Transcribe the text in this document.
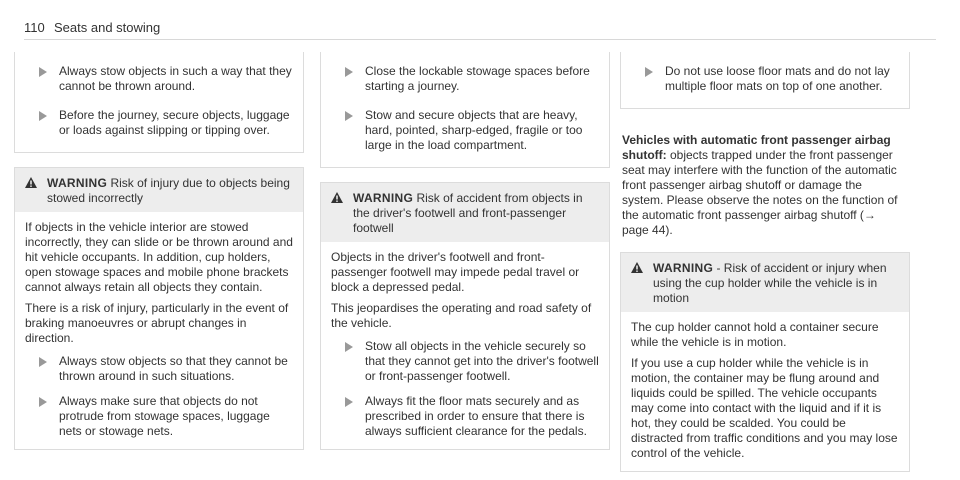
110 Seats and stowing
Always stow objects in such a way that they cannot be thrown around.
Before the journey, secure objects, luggage or loads against slipping or tipping over.
WARNING Risk of injury due to objects being stowed incorrectly

If objects in the vehicle interior are stowed incorrectly, they can slide or be thrown around and hit vehicle occupants. In addition, cup holders, open stowage spaces and mobile phone brackets cannot always retain all objects they contain.

There is a risk of injury, particularly in the event of braking manoeuvres or abrupt changes in direction.

Always stow objects so that they cannot be thrown around in such situations.
Always make sure that objects do not protrude from stowage spaces, luggage nets or stowage nets.
Close the lockable stowage spaces before starting a journey.
Stow and secure objects that are heavy, hard, pointed, sharp-edged, fragile or too large in the load compartment.
WARNING Risk of accident from objects in the driver's footwell and front-passenger footwell

Objects in the driver's footwell and front-passenger footwell may impede pedal travel or block a depressed pedal.

This jeopardises the operating and road safety of the vehicle.

Stow all objects in the vehicle securely so that they cannot get into the driver's footwell or front-passenger footwell.
Always fit the floor mats securely and as prescribed in order to ensure that there is always sufficient clearance for the pedals.
Do not use loose floor mats and do not lay multiple floor mats on top of one another.
Vehicles with automatic front passenger airbag shutoff: objects trapped under the front passenger seat may interfere with the function of the automatic front passenger airbag shutoff or damage the system. Please observe the notes on the function of the automatic front passenger airbag shutoff (→ page 44).
WARNING - Risk of accident or injury when using the cup holder while the vehicle is in motion

The cup holder cannot hold a container secure while the vehicle is in motion.

If you use a cup holder while the vehicle is in motion, the container may be flung around and liquids could be spilled. The vehicle occupants may come into contact with the liquid and if it is hot, they could be scalded. You could be distracted from traffic conditions and you may lose control of the vehicle.
